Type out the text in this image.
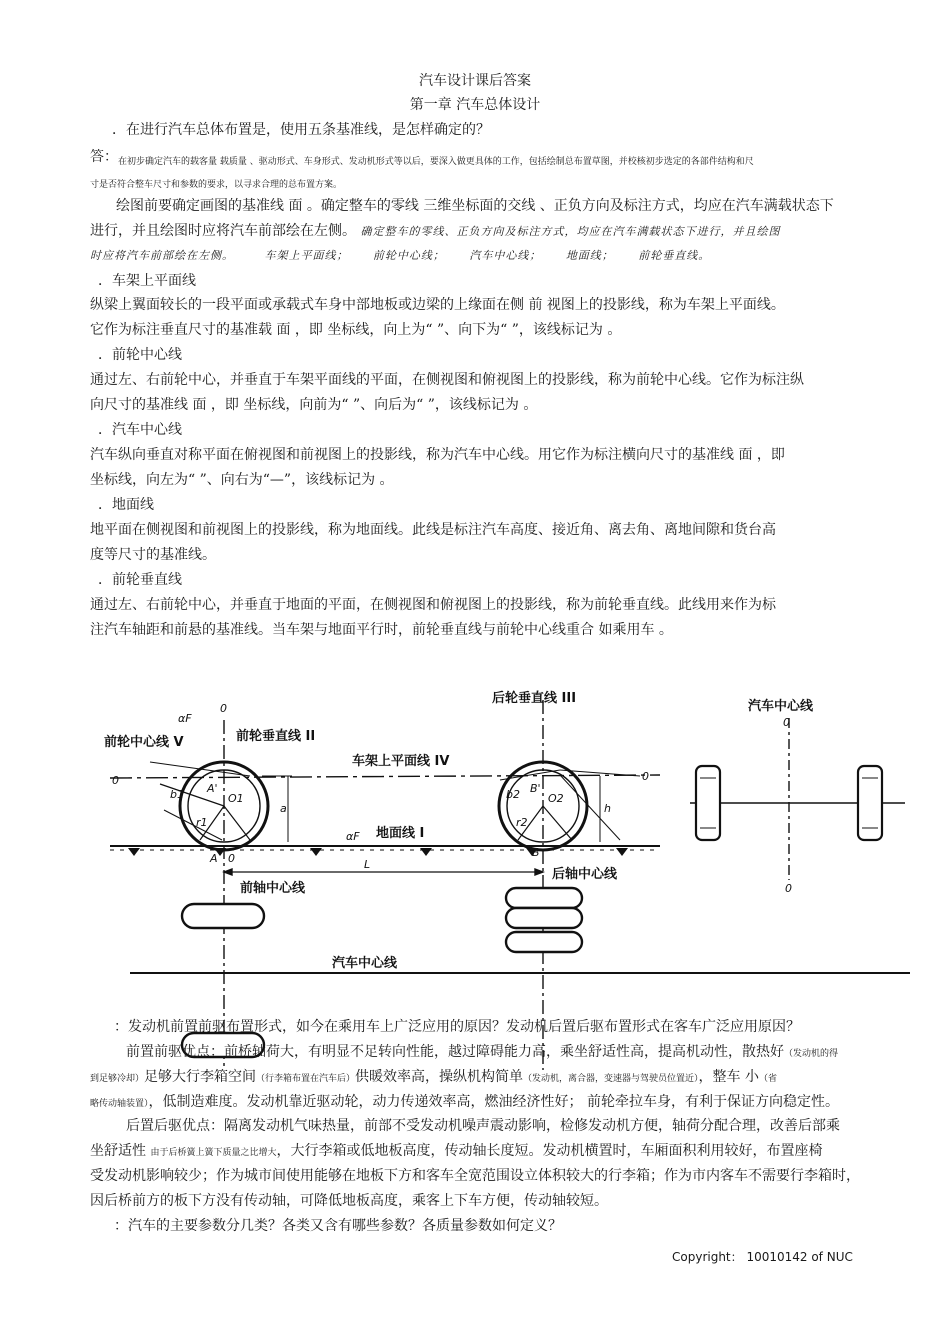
汽车设计课后答案
第一章 汽车总体设计
．在进行汽车总体布置是，使用五条基准线，是怎样确定的？
答： 在初步确定汽车的载客量 载质量 、驱动形式、车身形式、发动机形式等以后，要深入做更具体的工作，包括绘制总布置草图，并校核初步选定的各部件结构和尺
寸是否符合整车尺寸和参数的要求，以寻求合理的总布置方案。
绘图前要确定画图的基准线 面 。确定整车的零线 三维坐标面的交线 、正负方向及标注方式，均应在汽车满载状态下
进行，并且绘图时应将汽车前部绘在左侧。 确定整车的零线、正负方向及标注方式，均应在汽车满载状态下进行，并且绘图
时应将汽车前部绘在左侧。	车架上平面线； 前轮中心线； 汽车中心线； 地面线； 前轮垂直线。
．车架上平面线
纵梁上翼面较长的一段平面或承载式车身中部地板或边梁的上缘面在侧 前 视图上的投影线，称为车架上平面线。
它作为标注垂直尺寸的基准载 面 ，即 坐标线，向上为“ ”、向下为“ ”，该线标记为 。
．前轮中心线
通过左、右前轮中心，并垂直于车架平面线的平面，在侧视图和俯视图上的投影线，称为前轮中心线。它作为标注纵
向尺寸的基准线 面 ，即 坐标线，向前为“ ”、向后为“ ”，该线标记为 。
．汽车中心线
汽车纵向垂直对称平面在俯视图和前视图上的投影线，称为汽车中心线。用它作为标注横向尺寸的基准线 面 ，即
坐标线，向左为“ ”、向右为“—”，该线标记为 。
．地面线
地平面在侧视图和前视图上的投影线，称为地面线。此线是标注汽车高度、接近角、离去角、离地间隙和货台高
度等尺寸的基准线。
．前轮垂直线
通过左、右前轮中心，并垂直于地面的平面，在侧视图和俯视图上的投影线，称为前轮垂直线。此线用来作为标
注汽车轴距和前悬的基准线。当车架与地面平行时，前轮垂直线与前轮中心线重合 如乘用车 。
前轮中心线 V	前轮垂直线 II
后轮垂直线 III
汽车中心线
车架上平面线 IV
地面线 I
前轴中心线
后轴中心线
汽车中心线
αF
0
0	0
0
0
A'
O1
B'
O2
A 0	B
αF
L
a	h
r1	r2
b1	b2
：发动机前置前驱布置形式，如今在乘用车上广泛应用的原因？发动机后置后驱布置形式在客车广泛应用原因？
前置前驱优点：前桥轴荷大，有明显不足转向性能，越过障碍能力高，乘坐舒适性高，提高机动性，散热好（发动机的得
到足够冷却）足够大行李箱空间（行李箱布置在汽车后）供暖效率高，操纵机构简单（发动机，离合器，变速器与驾驶员位置近），整车 小（省
略传动轴装置），低制造难度。发动机靠近驱动轮，动力传递效率高，燃油经济性好； 前轮牵拉车身，有利于保证方向稳定性。
后置后驱优点：隔离发动机气味热量，前部不受发动机噪声震动影响，检修发动机方便，轴荷分配合理，改善后部乘
坐舒适性 由于后桥簧上簧下质量之比增大，大行李箱或低地板高度，传动轴长度短。发动机横置时，车厢面积利用较好，布置座椅
受发动机影响较少；作为城市间使用能够在地板下方和客车全宽范围设立体积较大的行李箱；作为市内客车不需要行李箱时，
因后桥前方的板下方没有传动轴，可降低地板高度，乘客上下车方便，传动轴较短。
：汽车的主要参数分几类？各类又含有哪些参数？各质量参数如何定义？
Copyright： 10010142 of NUC
